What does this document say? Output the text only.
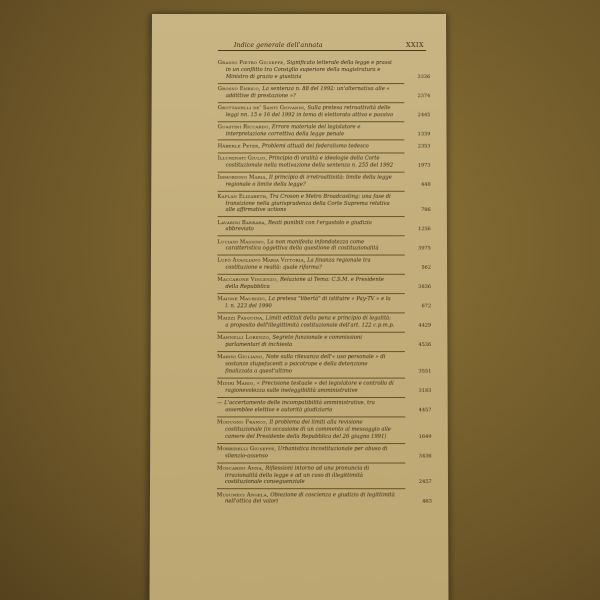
Indice generale dell'annata	XXIX
Grasso Pietro Giuseppe, Significato letterale della legge e prassi in un conflitto tra Consiglio superiore della magistratura e Ministro di grazia e giustizia	3336
Grosso Enrico, La sentenza n. 88 del 1992: un'alternativa alle « addittive di prestazione »?	2374
Grottanelli de' Santi Giovanni, Sulla pretesa retroattività delle leggi nn. 15 e 16 del 1992 in tema di elettorato attivo e passivo	2445
Guastini Riccardo, Errore materiale del legislatore e interpretazione correttiva della legge penale	1339
Häberle Peter, Problemi attuali del federalismo tedesco	2353
Illuminati Giulio, Principio di oralità e ideologie della Corte costituzionale nella motivazione della sentenza n. 255 del 1992	1973
Immordino Maria, Il principio di irretroattività: limite della legge regionale o limite della legge?	448
Kaplan Elizabeth, Tra Croson e Metro Broadcasting: una fase di transizione nella giurisprudenza della Corte Suprema relativa alle affirmative actions	786
Lavarini Barbara, Reati punibili con l'ergastolo e giudizio abbreviato	1256
Luciani Massimo, La non manifesta infondatezza come caratteristica oggettiva della questione di costituzionalità	3975
Lupò Avagliano Maria Vittoria, La finanza regionale tra costituzione e realtà: quale riforma?	562
Maccarone Vincenzo, Relazione al Tema: C.S.M. e Presidente della Repubblica	3836
Maione Maurizio, La pretesa "libertà" di istituire « Pay-TV » e la l. n. 223 del 1990	672
Maizzi Pasquina, Limiti edittali della pena e principio di legalità: a proposito dell'illegittimità costituzionale dell'art. 122 c.p.m.p.	4429
Mannelli Lorenzo, Segreto funzionale e commissioni parlamentari di inchiesta	4536
Marini Giuliano, Note sulla rilevanza dell'« uso personale » di sostanze stupefacenti o psicotrope e della detenzione finalizzata a quest'ultimo	3551
Midiri Mario, « Precisione testuale » del legislatore e controllo di ragionevolezza sulle ineleggibilità amministrative	3183
— L'accertamento delle incompatibilità amministrative, tra assemblee elettive e autorità giudiziaria	4457
Modugno Franco, Il problema dei limiti alla revisione costituzionale (in occasione di un commento al messaggio alle camere del Presidente della Repubblica del 26 giugno 1991)	1649
Morbidelli Giuseppe, Urbanistica incostituzionale per abuso di silenzio-assenso	3436
Moscarini Anna, Riflessioni intorno ad una pronuncia di irrazionalità della legge e ad un caso di illegittimità costituzionale conseguenziale	2457
Musumeci Angela, Obiezione di coscienza e giudizio di legittimità nell'ottica dei valori	463
